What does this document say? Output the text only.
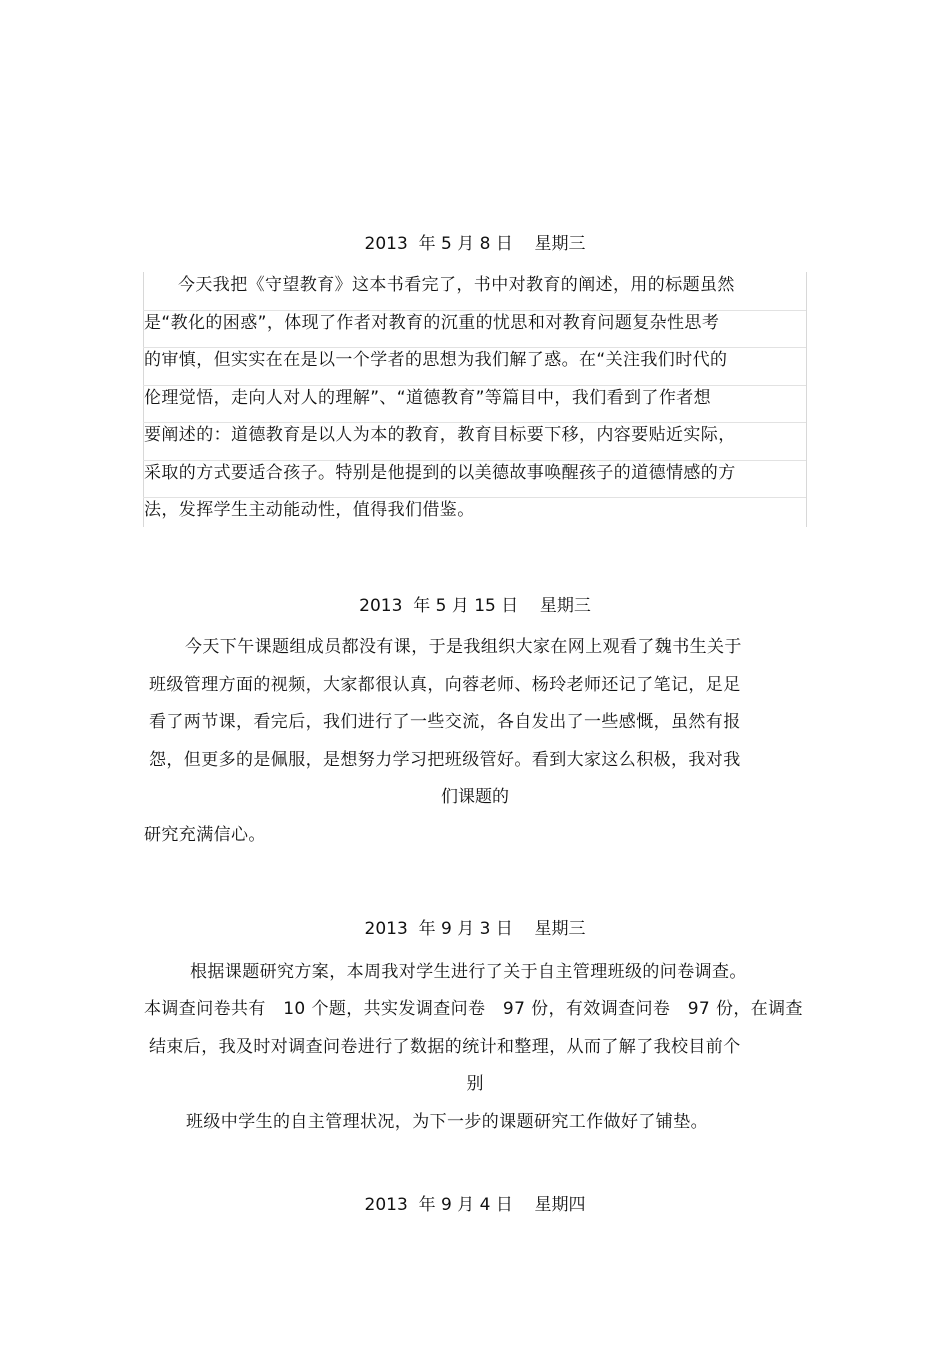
2013  年 5 月 8 日    星期三
今天我把《守望教育》这本书看完了，书中对教育的阐述，用的标题虽然
是“教化的困惑”，体现了作者对教育的沉重的忧思和对教育问题复杂性思考
的审慎，但实实在在是以一个学者的思想为我们解了惑。在“关注我们时代的
伦理觉悟，走向人对人的理解”、“道德教育”等篇目中，我们看到了作者想
要阐述的：道德教育是以人为本的教育，教育目标要下移，内容要贴近实际，
采取的方式要适合孩子。特别是他提到的以美德故事唤醒孩子的道德情感的方
法，发挥学生主动能动性，值得我们借鉴。
2013  年 5 月 15 日    星期三
今天下午课题组成员都没有课，于是我组织大家在网上观看了魏书生关于
班级管理方面的视频，大家都很认真，向蓉老师、杨玲老师还记了笔记，足足
看了两节课，看完后，我们进行了一些交流，各自发出了一些感慨，虽然有报
怨，但更多的是佩服，是想努力学习把班级管好。看到大家这么积极，我对我
们课题的
研究充满信心。
2013  年 9 月 3 日    星期三
根据课题研究方案，本周我对学生进行了关于自主管理班级的问卷调查。
本调查问卷共有   10 个题，共实发调查问卷   97 份，有效调查问卷   97 份，在调查
结束后，我及时对调查问卷进行了数据的统计和整理，从而了解了我校目前个
别
班级中学生的自主管理状况，为下一步的课题研究工作做好了铺垫。
2013  年 9 月 4 日    星期四
